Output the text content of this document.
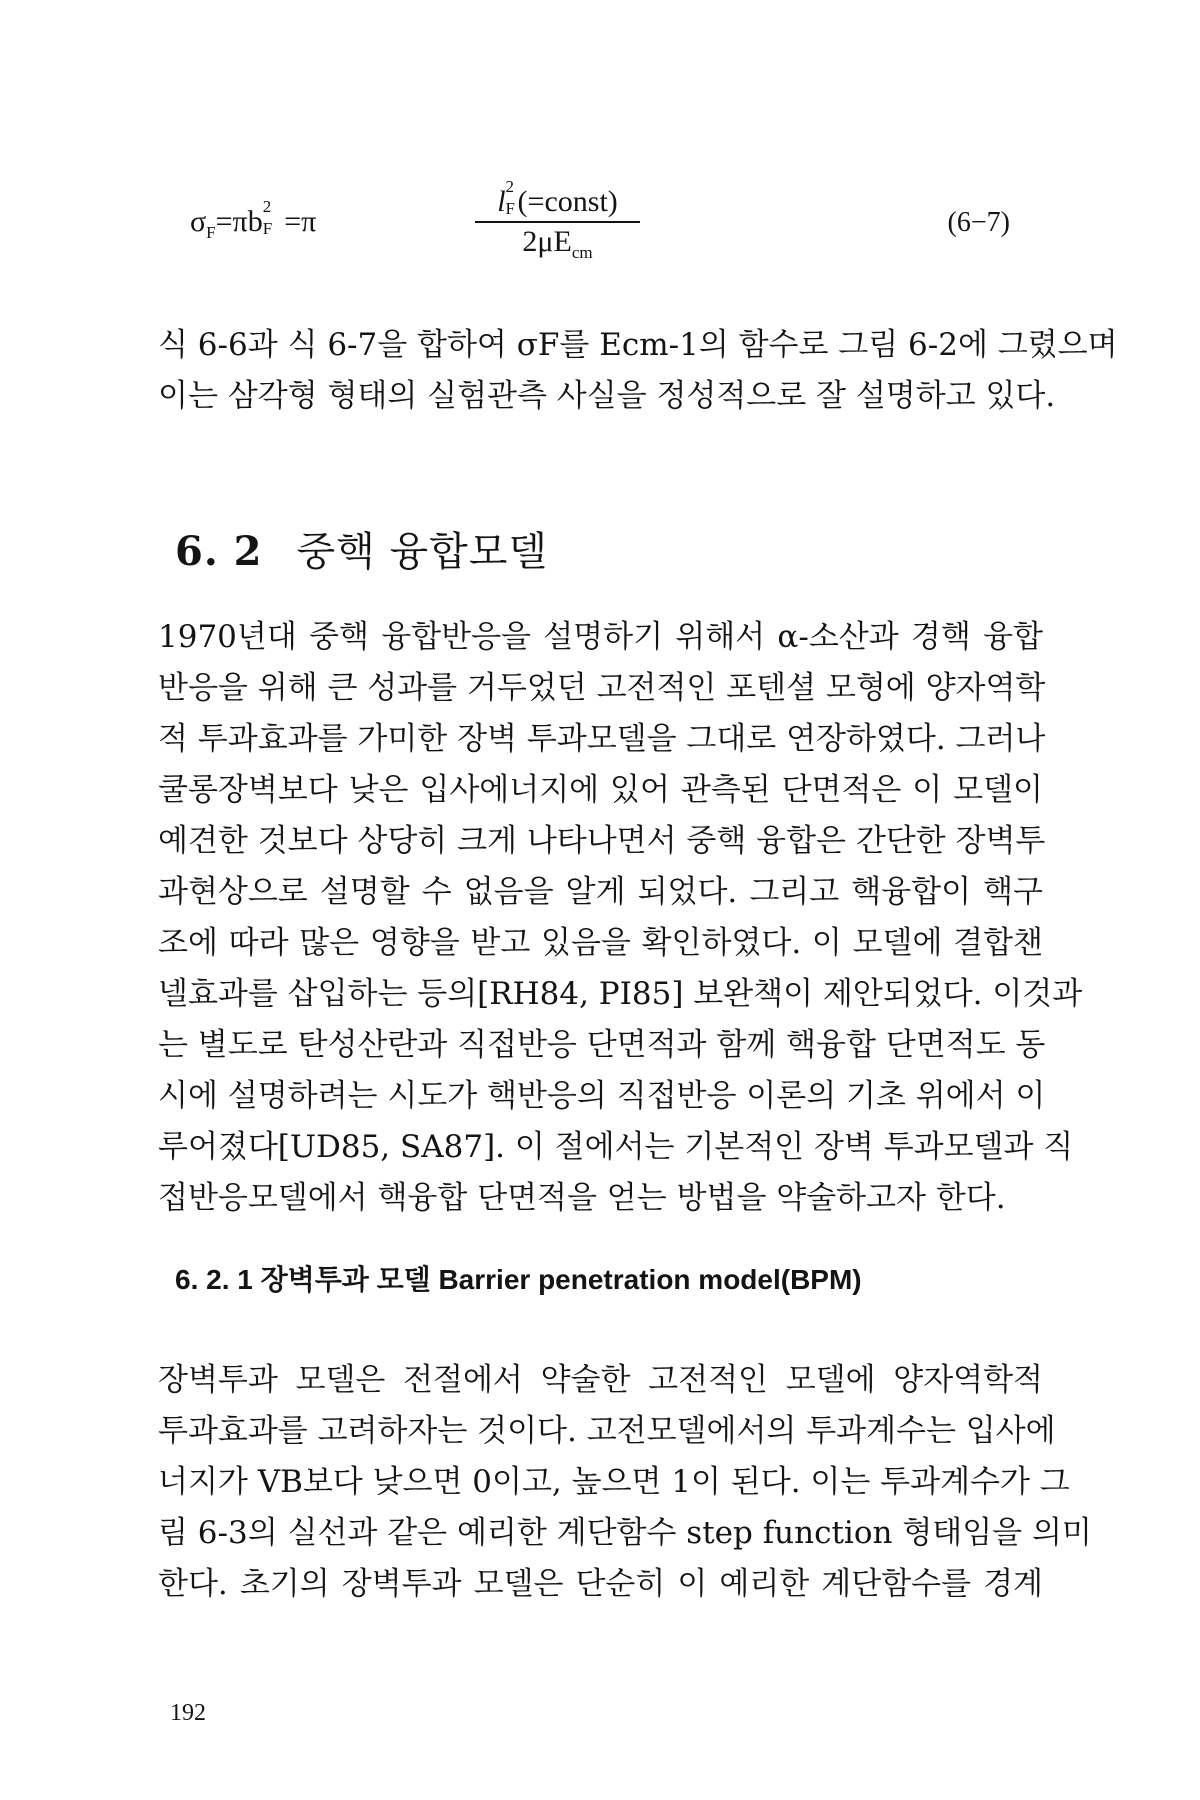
$\sigma_F=\pi b$ 2
F =π
l 2
F (=const)
$2\mu E_{cm}$
(6−7)
식 6-6과 식 6-7을 합하여 σF를 Ecm-1의 함수로 그림 6-2에 그렸으며
이는 삼각형 형태의 실험관측 사실을 정성적으로 잘 설명하고 있다.
6. 2 중핵 융합모델
1970년대 중핵 융합반응을 설명하기 위해서 α-소산과 경핵 융합
반응을 위해 큰 성과를 거두었던 고전적인 포텐셜 모형에 양자역학
적 투과효과를 가미한 장벽 투과모델을 그대로 연장하였다. 그러나
쿨롱장벽보다 낮은 입사에너지에 있어 관측된 단면적은 이 모델이
예견한 것보다 상당히 크게 나타나면서 중핵 융합은 간단한 장벽투
과현상으로 설명할 수 없음을 알게 되었다. 그리고 핵융합이 핵구
조에 따라 많은 영향을 받고 있음을 확인하였다. 이 모델에 결합챈
넬효과를 삽입하는 등의[RH84, PI85] 보완책이 제안되었다. 이것과
는 별도로 탄성산란과 직접반응 단면적과 함께 핵융합 단면적도 동
시에 설명하려는 시도가 핵반응의 직접반응 이론의 기초 위에서 이
루어졌다[UD85, SA87]. 이 절에서는 기본적인 장벽 투과모델과 직
접반응모델에서 핵융합 단면적을 얻는 방법을 약술하고자 한다.
6. 2. 1 장벽투과 모델 Barrier penetration model(BPM)
장벽투과 모델은 전절에서 약술한 고전적인 모델에 양자역학적
투과효과를 고려하자는 것이다. 고전모델에서의 투과계수는 입사에
너지가 VB보다 낮으면 0이고, 높으면 1이 된다. 이는 투과계수가 그
림 6-3의 실선과 같은 예리한 계단함수 step function 형태임을 의미
한다. 초기의 장벽투과 모델은 단순히 이 예리한 계단함수를 경계
192
